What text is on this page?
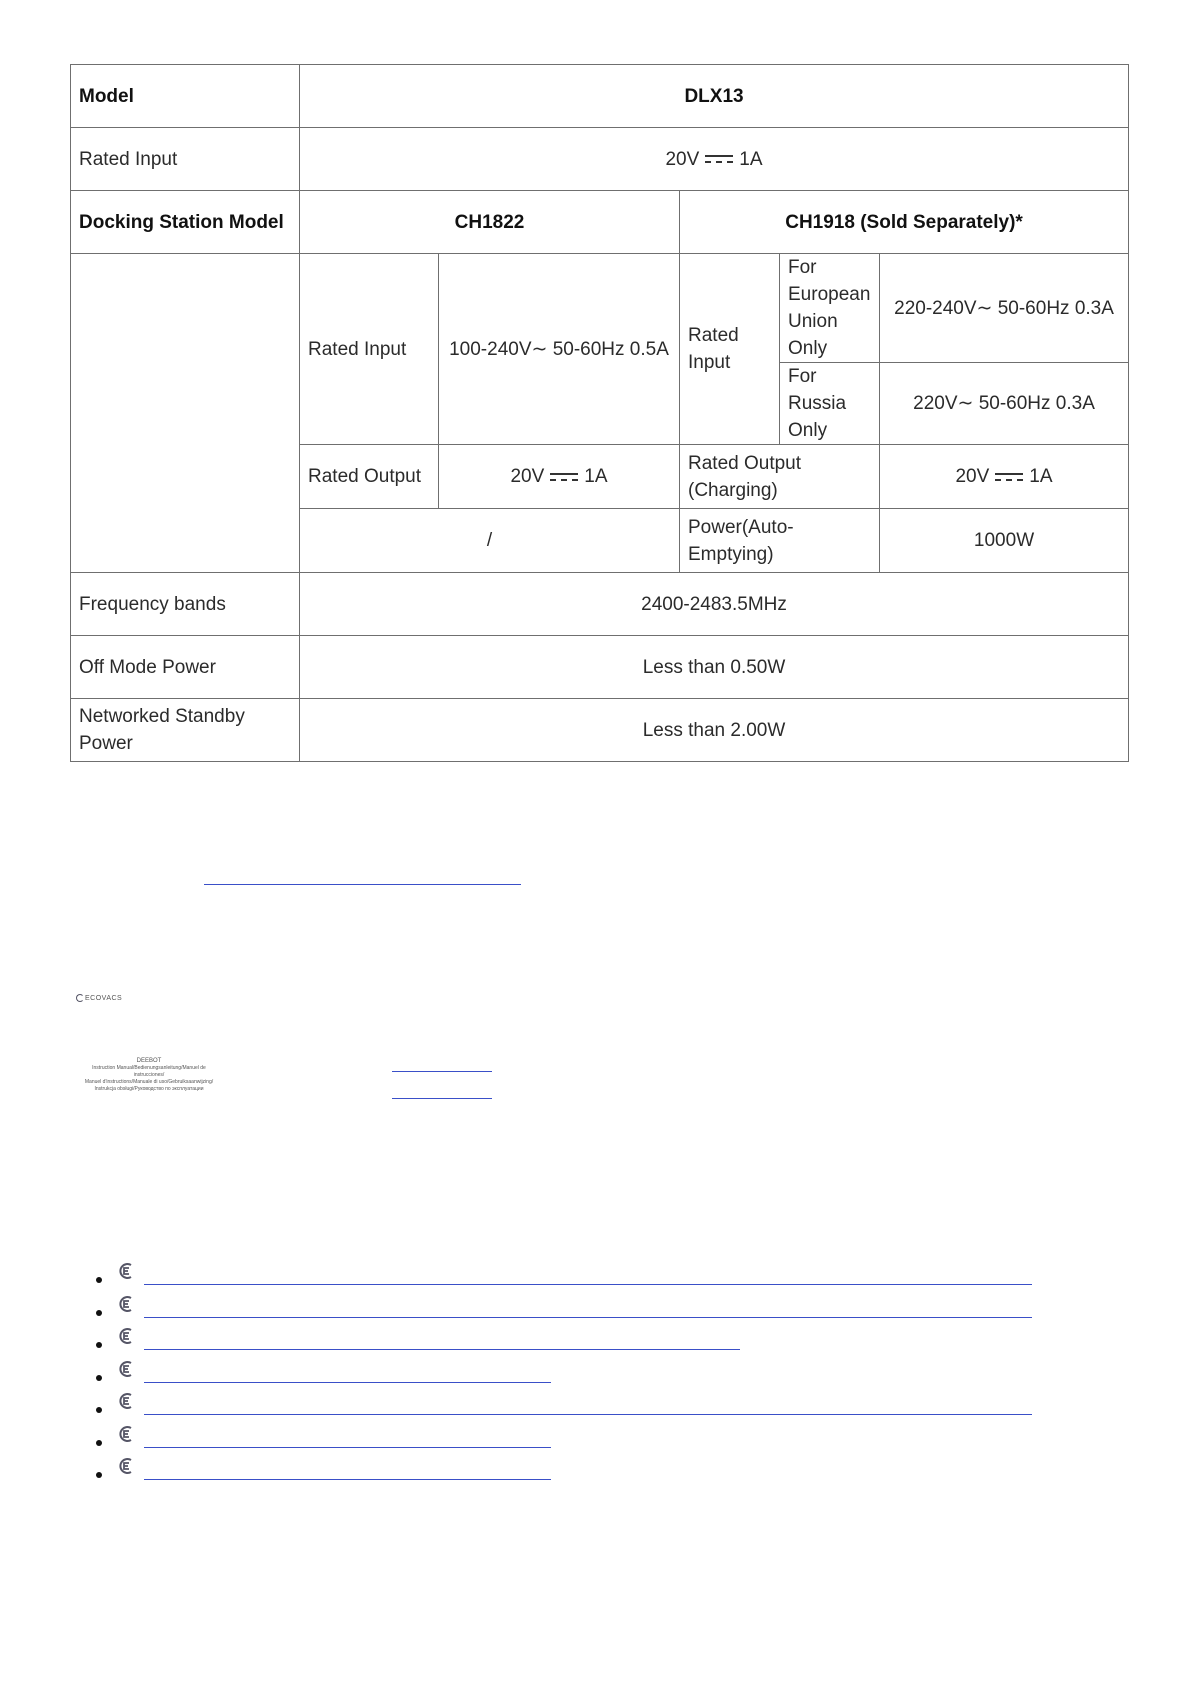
Model	DLX13				
Rated Input	20V 1A				
Docking Station Model	CH1822		CH1918 (Sold Separately)*		
	Rated Input	100-240V∼ 50-60Hz 0.5A	Rated Input	For European Union Only	220-240V∼ 50-60Hz 0.3A
				For Russia Only	220V∼ 50-60Hz 0.3A
	Rated Output	20V 1A	Rated Output (Charging)		20V 1A
	/		Power(Auto-Emptying)		1000W

Frequency bands	2400-2483.5MHz				
Off Mode Power	Less than 0.50W				
Networked Standby Power	Less than 2.00W				
ECOVACS
DEEBOT
Instruction Manual/Bedienungsanleitung/Manuel de instrucciones/
Manuel d'instructions/Manuale di uso/Gebruiksaanwijzing/
Instrukcja obsługi/Руководство по эксплуатации
